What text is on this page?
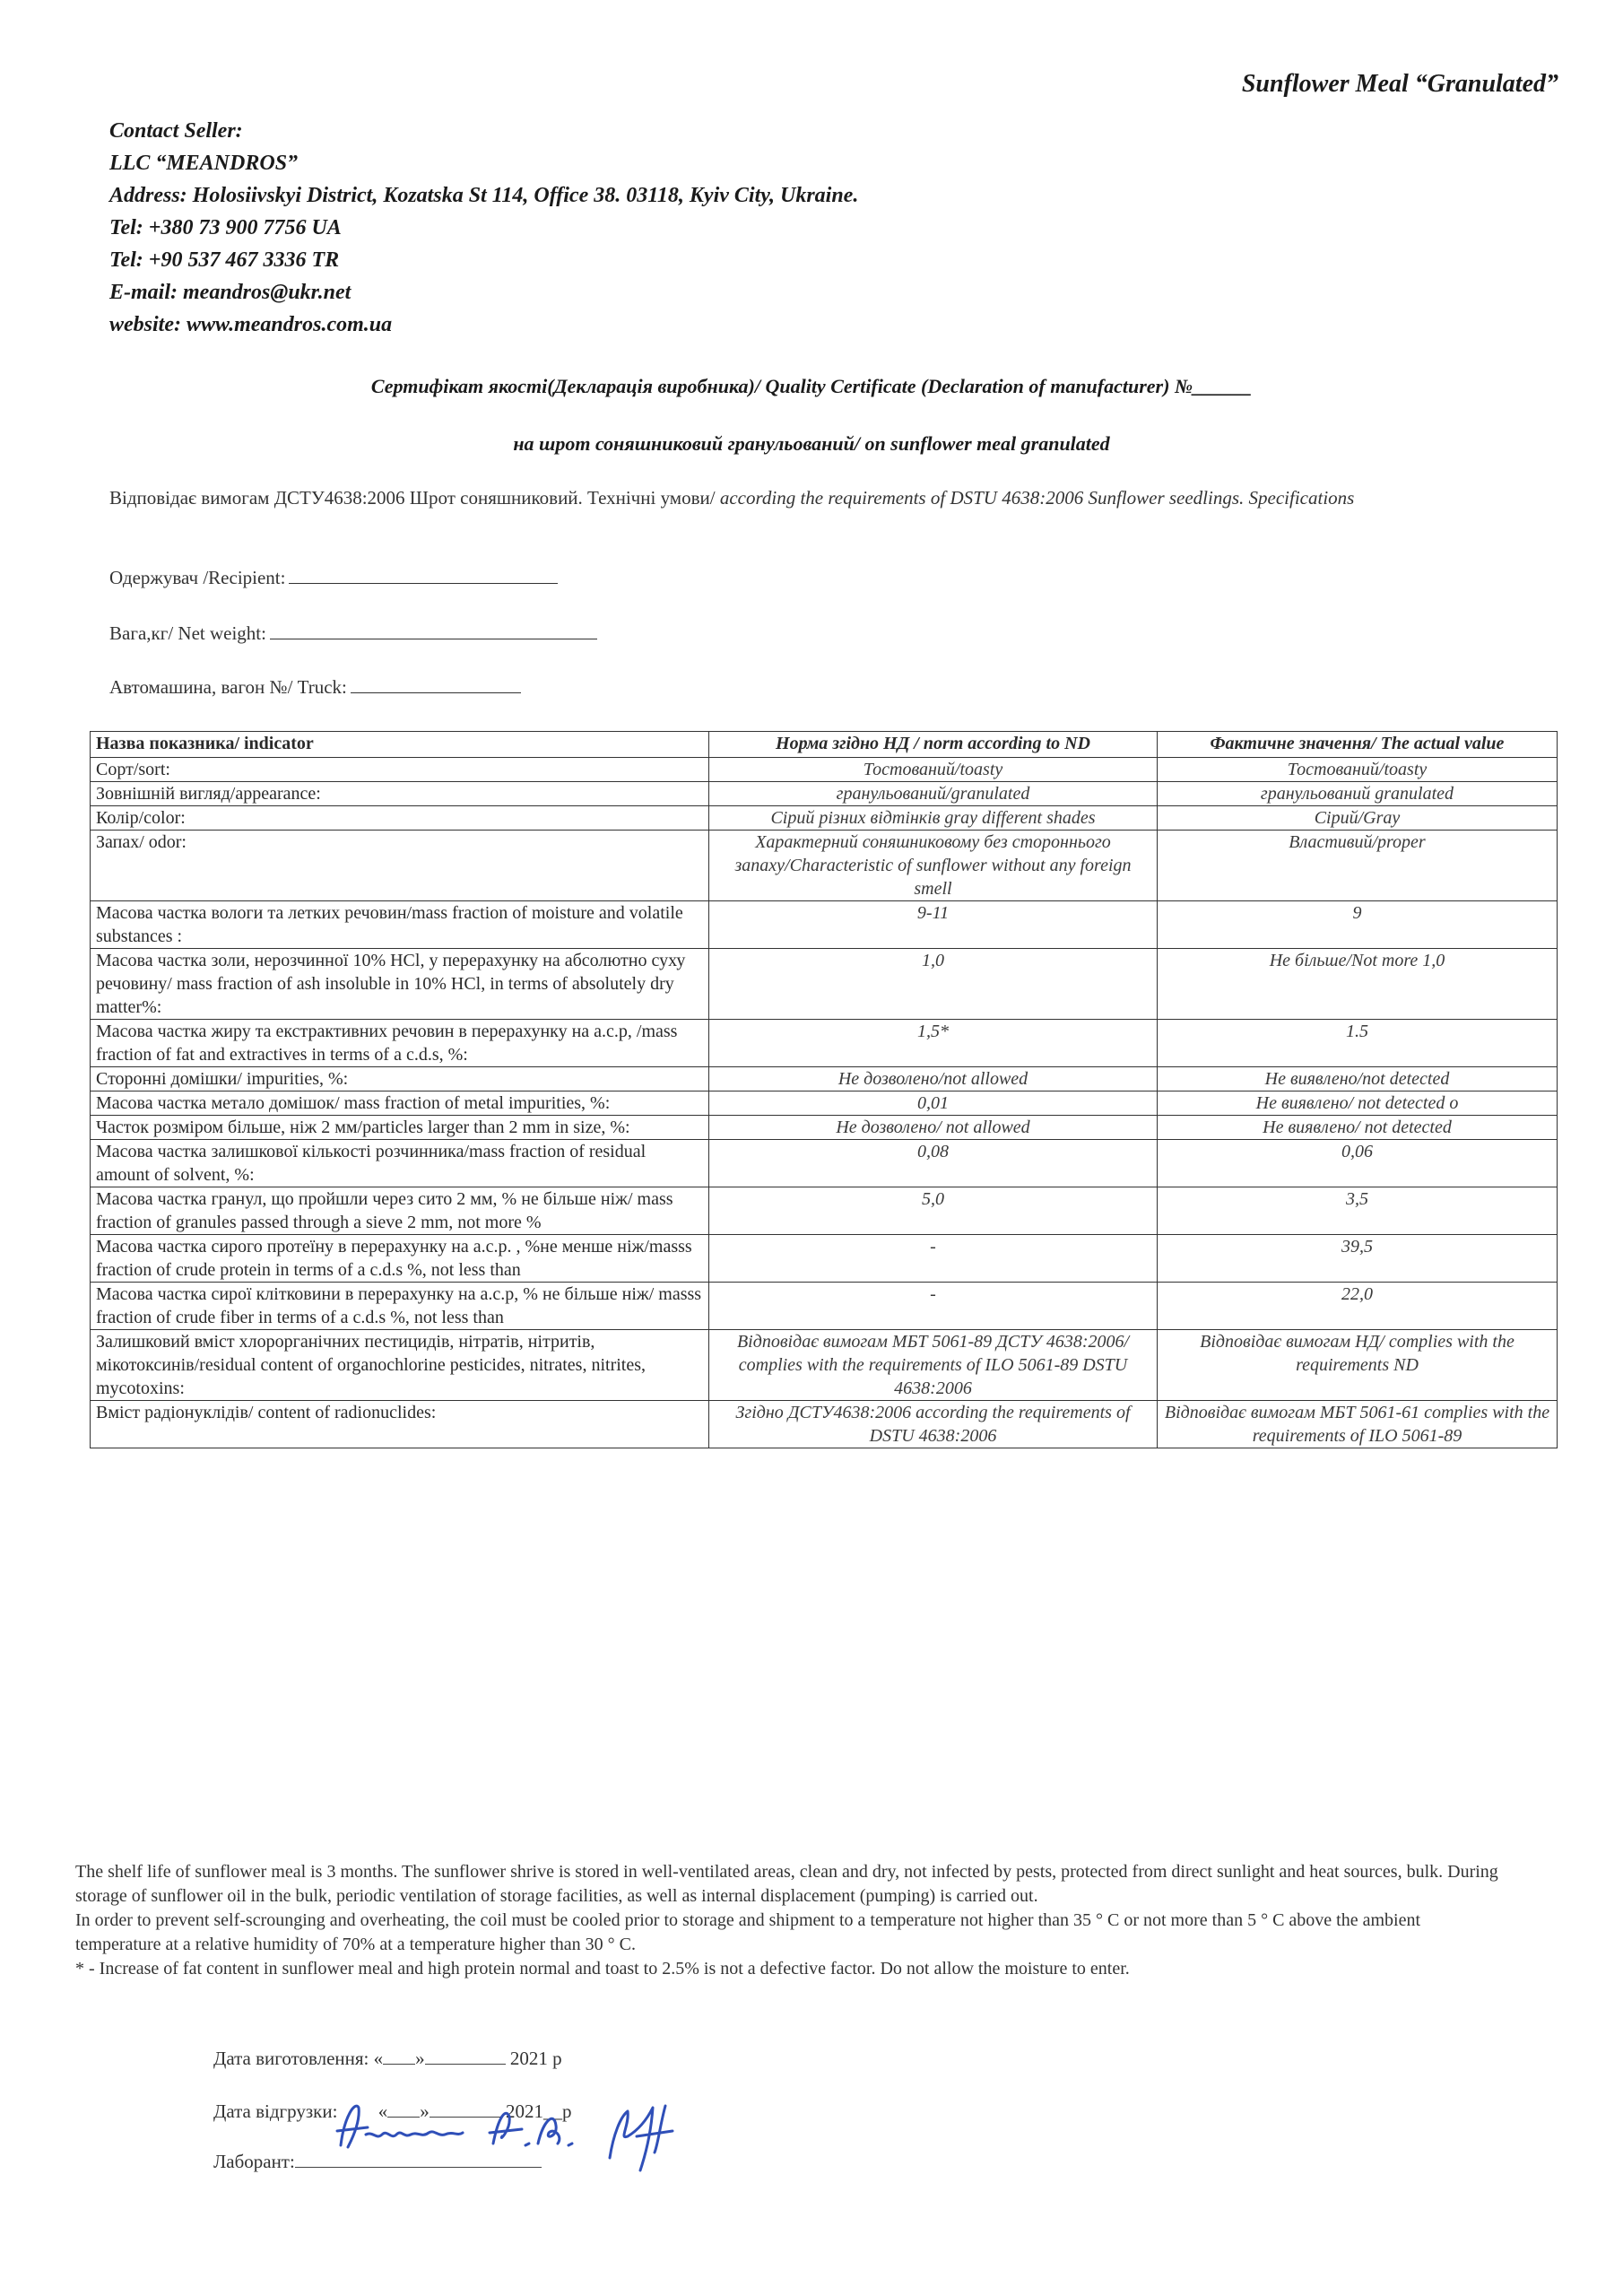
Sunflower Meal “Granulated”
Contact Seller:
LLC “MEANDROS”
Address: Holosiivskyi District, Kozatska St 114, Office 38. 03118, Kyiv City, Ukraine.
Tel: +380 73 900 7756 UA
Tel: +90 537 467 3336 TR
E-mail: meandros@ukr.net
website: www.meandros.com.ua
Сертифікат якості(Декларація виробника)/ Quality Certificate (Declaration of manufacturer) №______
на шрот соняшниковий гранульований/ on sunflower meal granulated
Відповідає вимогам ДСТУ4638:2006 Шрот соняшниковий. Технічні умови/ according the requirements of DSTU 4638:2006 Sunflower seedlings. Specifications
Одержувач /Recipient:
Вага,кг/ Net weight:
Автомашина, вагон №/ Truck:
Назва показника/ indicator	Норма згідно НД / norm according to ND	Фактичне значення/ The actual value
Сорт/sort:	Тостований/toasty	Тостований/toasty
Зовнішній вигляд/appearance:	гранульований/granulated	гранульований granulated
Колір/color:	Сірий різних відтінків gray different shades	Сірий/Gray
Запах/ odor:	Характерний соняшниковому без стороннього запаху/Characteristic of sunflower without any foreign smell	Властивий/proper
Масова частка вологи та летких речовин/mass fraction of moisture and volatile substances :	9-11	9
Масова частка золи, нерозчинної 10% HCl, у перерахунку на абсолютно суху речовину/ mass fraction of ash insoluble in 10% HCl, in terms of absolutely dry matter%:	1,0	Не більше/Not more 1,0
Масова частка жиру та екстрактивних речовин в перерахунку на а.с.р, /mass fraction of fat and extractives in terms of a c.d.s, %:	1,5*	1.5
Сторонні домішки/ impurities, %:	Не дозволено/not allowed	Не виявлено/not detected
Масова частка метало домішок/ mass fraction of metal impurities, %:	0,01	Не виявлено/ not detected o
Часток розміром більше, ніж 2 мм/particles larger than 2 mm in size, %:	Не дозволено/ not allowed	Не виявлено/ not detected
Масова частка залишкової кількості розчинника/mass fraction of residual amount of solvent, %:	0,08	0,06
Масова частка гранул, що пройшли через сито 2 мм, % не більше ніж/ mass fraction of granules passed through a sieve 2 mm, not more %	5,0	3,5
Масова частка сирого протеїну в перерахунку на а.с.р. , %не менше ніж/masss fraction of crude protein in terms of a c.d.s %, not less than	-	39,5
Масова частка сирої клітковини в перерахунку на а.с.р, % не більше ніж/ masss fraction of crude fiber in terms of a c.d.s %, not less than	-	22,0
Залишковий вміст хлорорганічних пестицидів, нітратів, нітритів, мікотоксинів/residual content of organochlorine pesticides, nitrates, nitrites, mycotoxins:	Відповідає вимогам МБТ 5061-89 ДСТУ 4638:2006/ complies with the requirements of ILO 5061-89 DSTU 4638:2006	Відповідає вимогам НД/ complies with the requirements ND
Вміст радіонуклідів/ content of radionuclides:	Згідно ДСТУ4638:2006 according the requirements of DSTU 4638:2006	Відповідає вимогам МБТ 5061-61 complies with the requirements of ILO 5061-89

The shelf life of sunflower meal is 3 months. The sunflower shrive is stored in well-ventilated areas, clean and dry, not infected by pests, protected from direct sunlight and heat sources, bulk. During storage of sunflower oil in the bulk, periodic ventilation of storage facilities, as well as internal displacement (pumping) is carried out.

In order to prevent self-scrounging and overheating, the coil must be cooled prior to storage and shipment to a temperature not higher than 35 ° C or not more than 5 ° C above the ambient temperature at a relative humidity of 70% at a temperature higher than 30 ° C.

* - Increase of fat content in sunflower meal and high protein normal and toast to 2.5% is not a defective factor. Do not allow the moisture to enter.

Дата виготовлення: « »	2021 р
Дата відгрузки: « »	2021__р
Лаборант:
